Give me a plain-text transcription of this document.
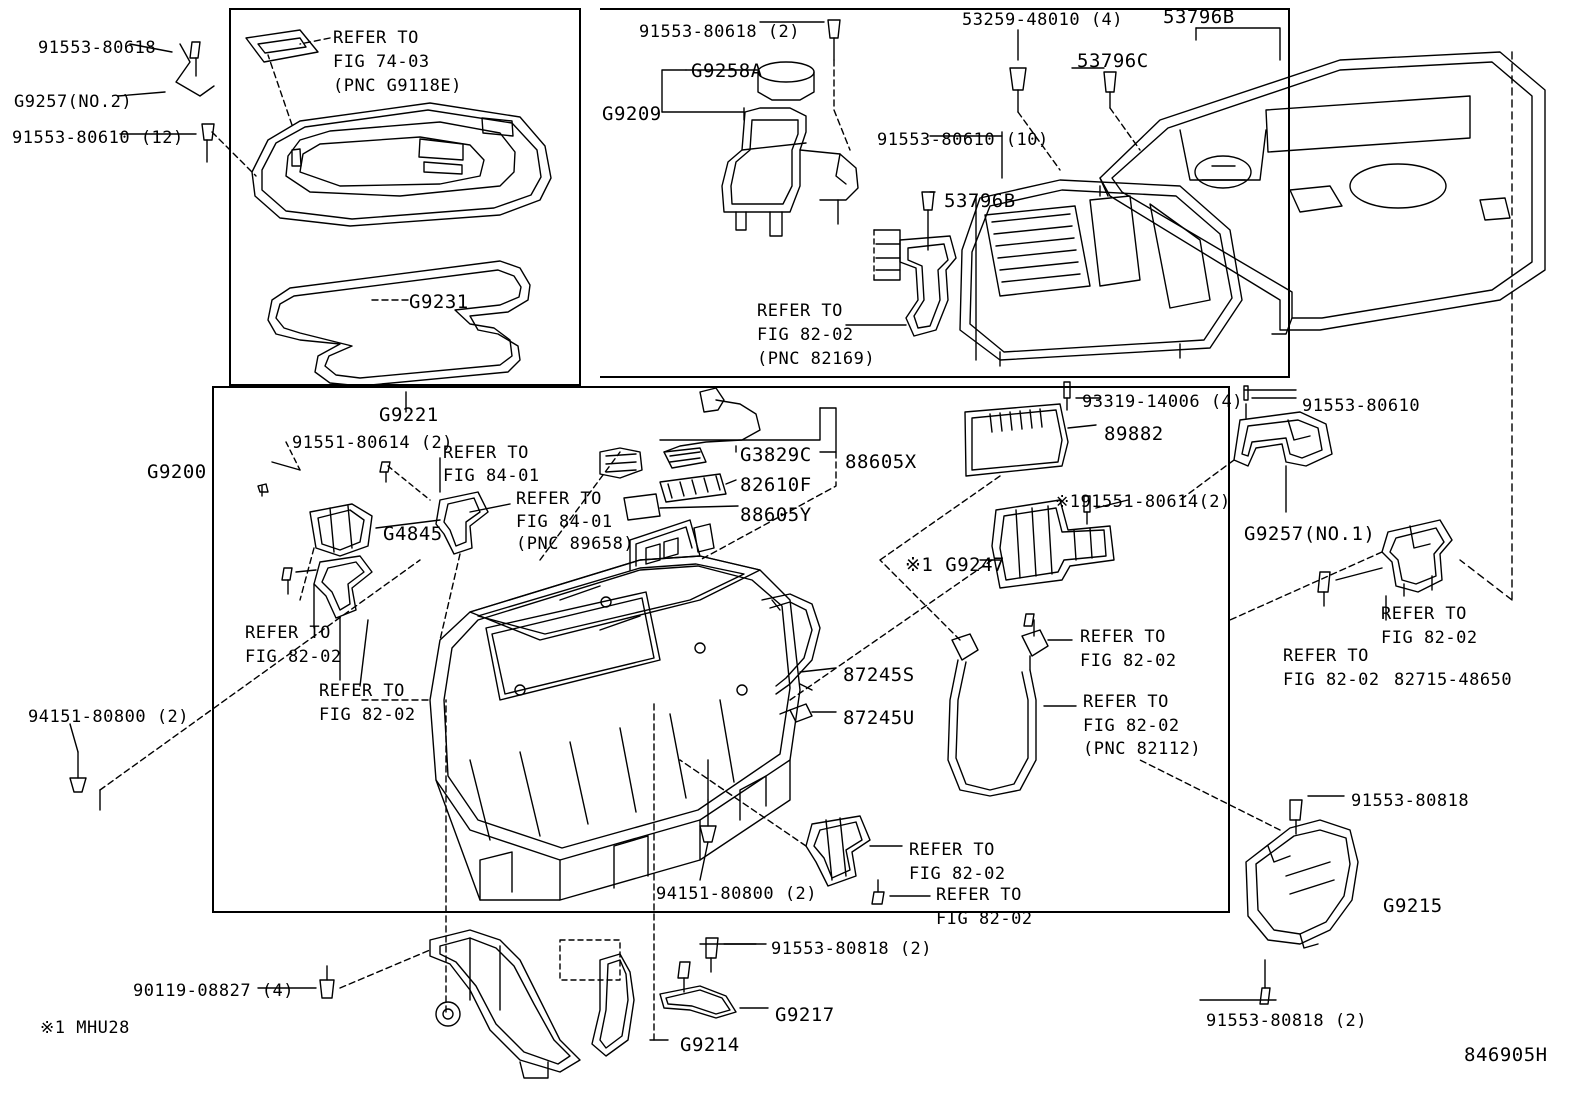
91553-80618
G9257(NO.2)
91553-80610 (12)
REFER TO
FIG 74-03
(PNC G9118E)
G9231
G9221
91553-80618 (2)
G9258A
G9209
53259-48010 (4) 53796B
53796C
91553-80610 (10)
53796B
REFER TO
FIG 82-02
(PNC 82169)
93319-14006 (4)
89882
91553-80610
G9200
91551-80614 (2)
REFER TO
FIG 84-01
REFER TO
FIG 84-01
(PNC 89658)
G3829C
82610F
88605Y
88605X
※191551-80614(2)
※1 G9247
G9257(NO.1)
REFER TO
FIG 82-02
REFER TO
FIG 82-02 82715-48650
G4845
REFER TO
FIG 82-02
REFER TO
FIG 82-02
94151-80800 (2)
87245S
87245U
REFER TO
FIG 82-02
REFER TO
FIG 82-02
(PNC 82112)
91553-80818
REFER TO
FIG 82-02
REFER TO
FIG 82-02
94151-80800 (2)
91553-80818 (2)
G9215
90119-08827 (4)
G9217
G9214
91553-80818 (2)
※1 MHU28
846905H
